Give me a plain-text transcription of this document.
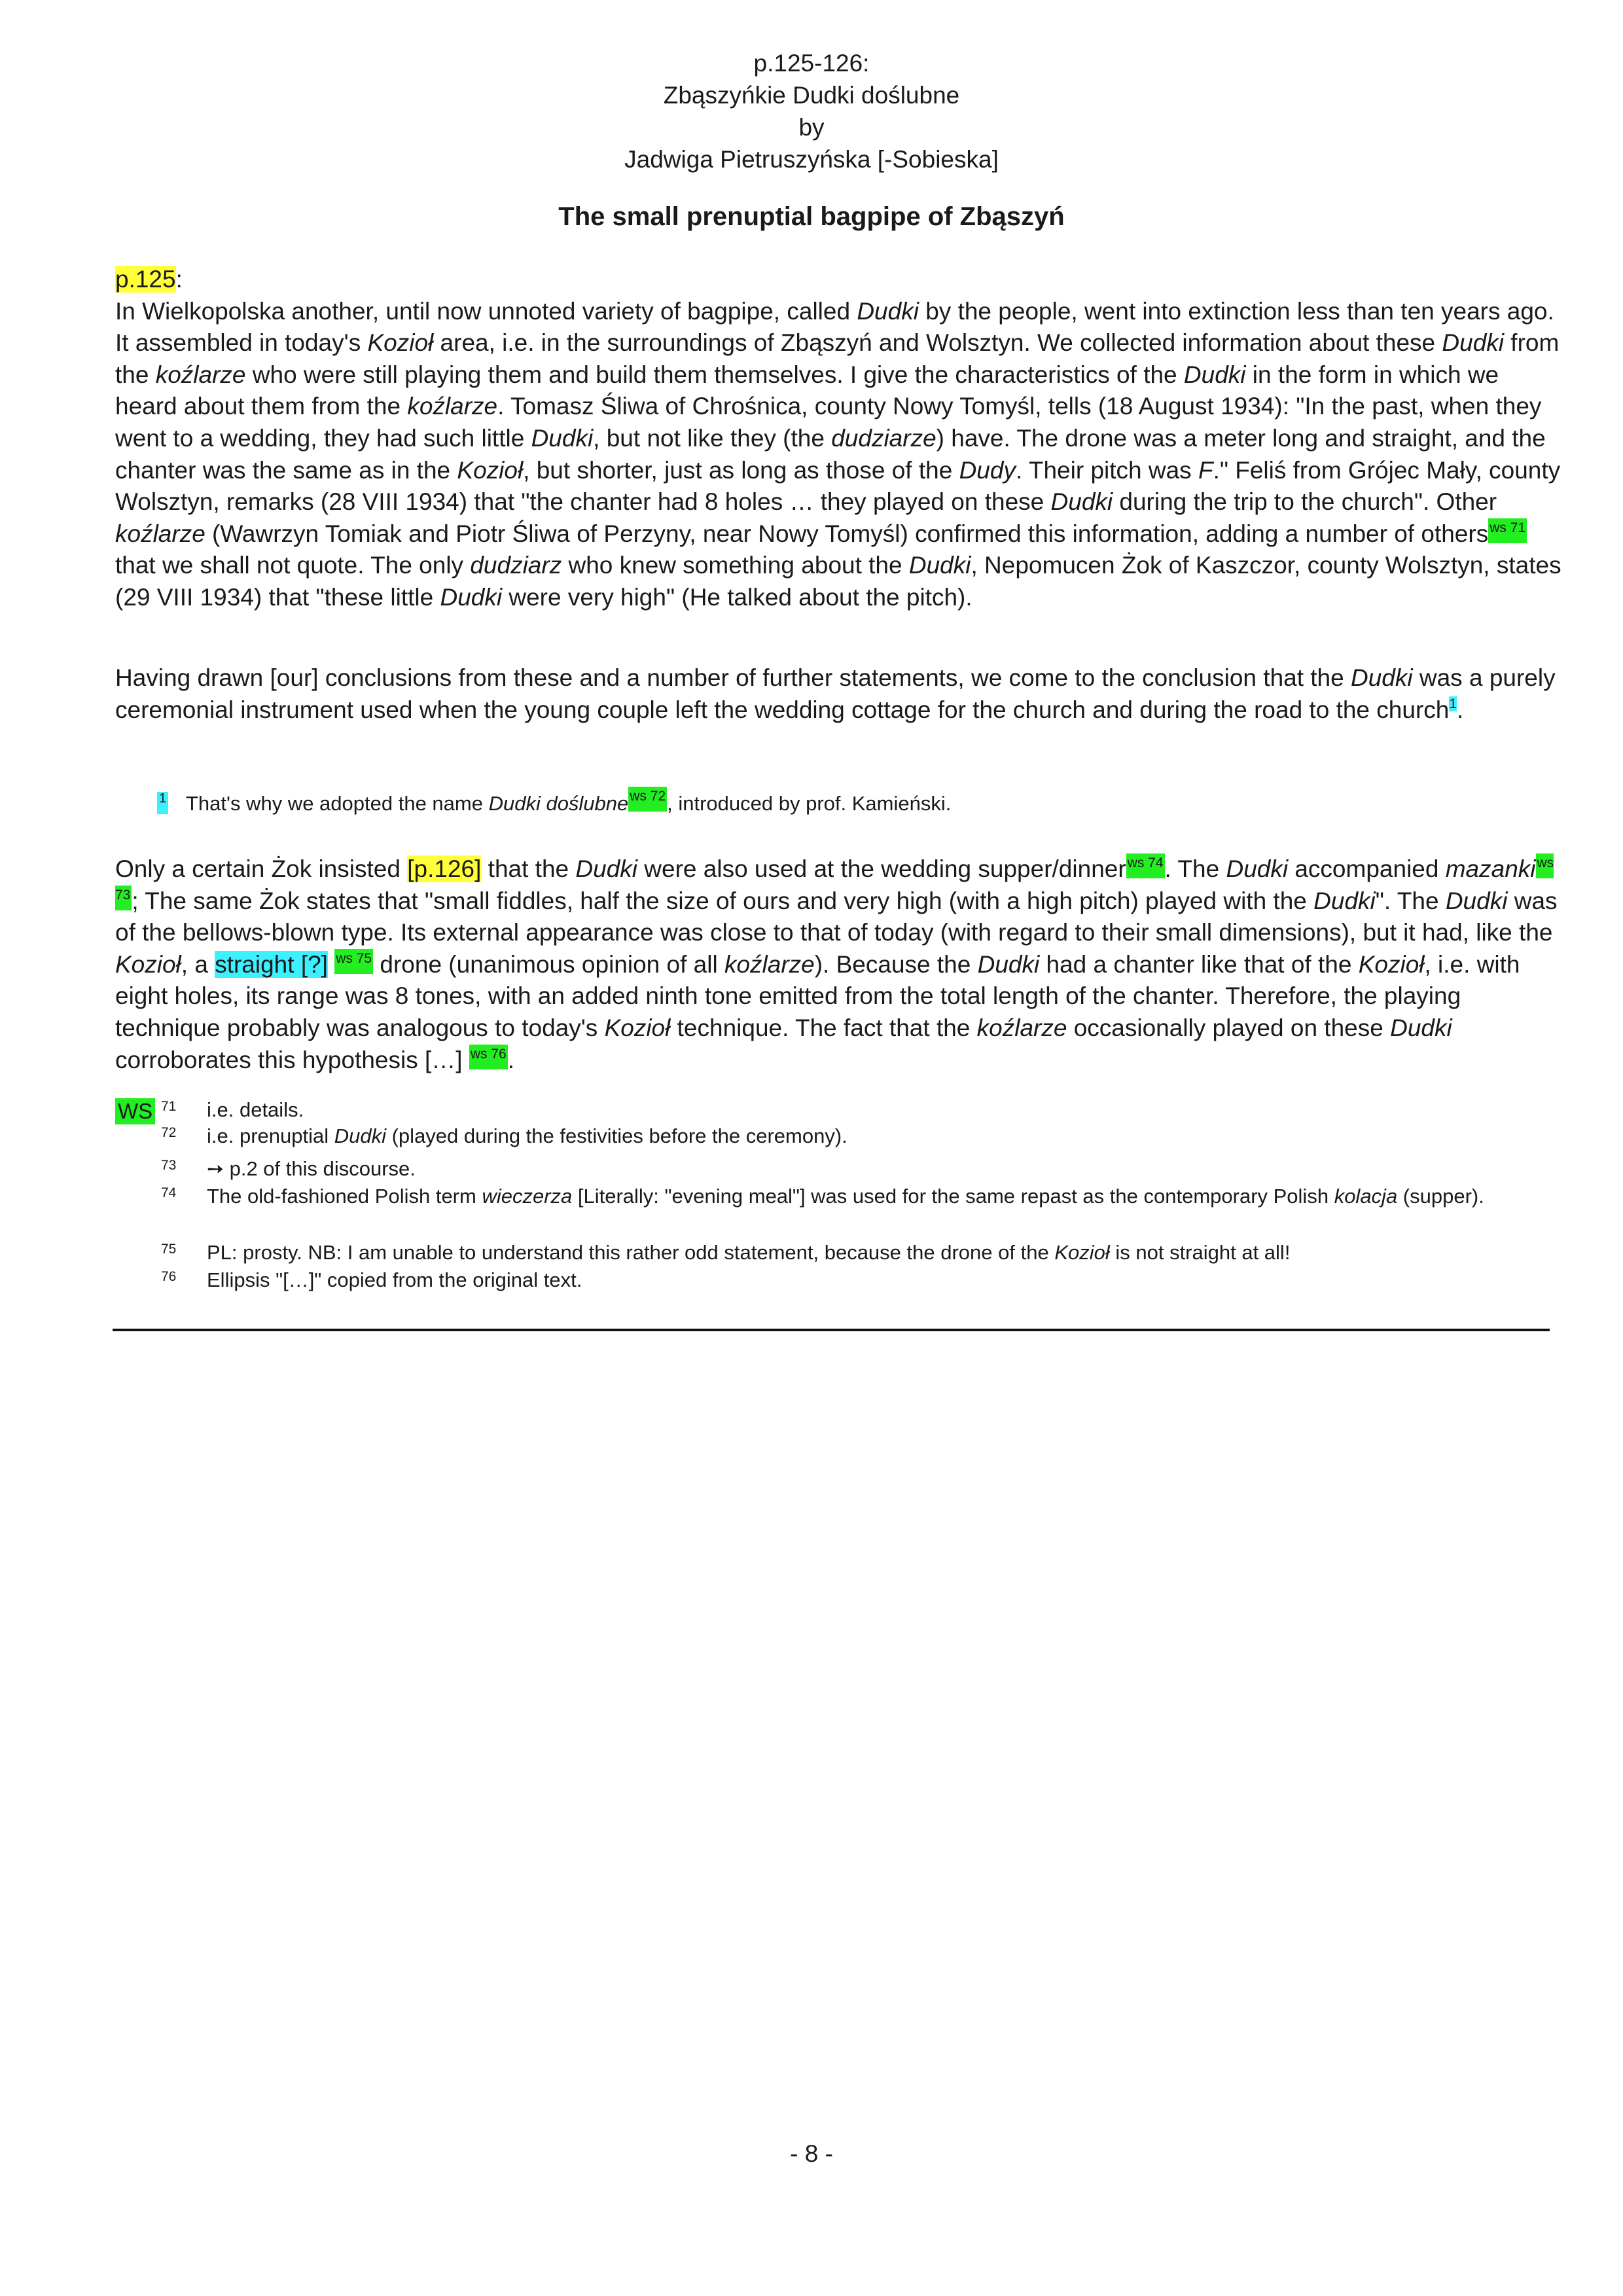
p.125-126:
Zbąszyńkie Dudki doślubne
by
Jadwiga Pietruszyńska [-Sobieska]
The small prenuptial bagpipe of Zbąszyń

p.125:

In Wielkopolska another, until now unnoted variety of bagpipe, called Dudki by the people, went into extinction less than ten years ago. It assembled in today's Kozioł area, i.e. in the surroundings of Zbąszyń and Wolsztyn. We collected information about these Dudki from the koźlarze who were still playing them and build them themselves. I give the characteristics of the Dudki in the form in which we heard about them from the koźlarze. Tomasz Śliwa of Chrośnica, county Nowy Tomyśl, tells (18 August 1934): "In the past, when they went to a wedding, they had such little Dudki, but not like they (the dudziarze) have. The drone was a meter long and straight, and the chanter was the same as in the Kozioł, but shorter, just as long as those of the Dudy. Their pitch was F." Feliś from Grójec Mały, county Wolsztyn, remarks (28 VIII 1934) that "the chanter had 8 holes … they played on these Dudki during the trip to the church". Other koźlarze (Wawrzyn Tomiak and Piotr Śliwa of Perzyny, near Nowy Tomyśl) confirmed this information, adding a number of others$^{ws 71}$ that we shall not quote. The only dudziarz who knew something about the Dudki, Nepomucen Żok of Kaszczor, county Wolsztyn, states (29 VIII 1934) that "these little Dudki were very high" (He talked about the pitch).

Having drawn [our] conclusions from these and a number of further statements, we come to the conclusion that the Dudki was a purely ceremonial instrument used when the young couple left the wedding cottage for the church and during the road to the church$^1$.

1 That's why we adopted the name Dudki doślubne$^{ws 72}$, introduced by prof. Kamieński.

Only a certain Żok insisted [p.126] that the Dudki were also used at the wedding supper/dinner$^{ws 74}$. The Dudki accompanied mazanki$^{ws 73}$; The same Żok states that "small fiddles, half the size of ours and very high (with a high pitch) played with the Dudki". The Dudki was of the bellows-blown type. Its external appearance was close to that of today (with regard to their small dimensions), but it had, like the Kozioł, a straight [?] $^{ws 75}$ drone (unanimous opinion of all koźlarze). Because the Dudki had a chanter like that of the Kozioł, i.e. with eight holes, its range was 8 tones, with an added ninth tone emitted from the total length of the chanter. Therefore, the playing technique probably was analogous to today's Kozioł technique. The fact that the koźlarze occasionally played on these Dudki corroborates this hypothesis […] $^{ws 76}$.

WS 71 i.e. details.
72 i.e. prenuptial Dudki (played during the festivities before the ceremony).
73 ➙ p.2 of this discourse.
74 The old-fashioned Polish term wieczerza [Literally: "evening meal"] was used for the same repast as the contemporary Polish kolacja (supper).
75 PL: prosty. NB: I am unable to understand this rather odd statement, because the drone of the Kozioł is not straight at all!
76 Ellipsis "[…]" copied from the original text.
- 8 -
